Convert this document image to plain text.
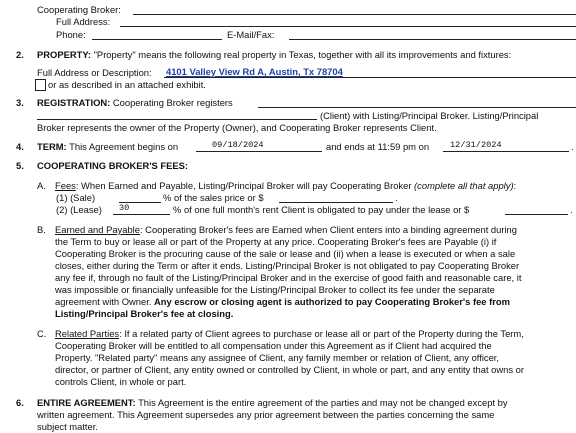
Cooperating Broker:
Full Address:
Phone:	E-Mail/Fax:
2. PROPERTY: "Property" means the following real property in Texas, together with all its improvements and fixtures:
Full Address or Description: 4101 Valley View Rd A, Austin, Tx 78704
or as described in an attached exhibit.
3. REGISTRATION: Cooperating Broker registers
(Client) with Listing/Principal Broker. Listing/Principal
Broker represents the owner of the Property (Owner), and Cooperating Broker represents Client.
4. TERM: This Agreement begins on	09/18/2024	and ends at 11:59 pm on 12/31/2024	.
5. COOPERATING BROKER'S FEES:
A. Fees: When Earned and Payable, Listing/Principal Broker will pay Cooperating Broker (complete all that apply):
(1) (Sale)	% of the sales price or $	.
(2) (Lease) 30	% of one full month's rent Client is obligated to pay under the lease or $	.
B. Earned and Payable: Cooperating Broker's fees are Earned when Client enters into a binding agreement during
the Term to buy or lease all or part of the Property at any price. Cooperating Broker's fees are Payable (i) if
Cooperating Broker is the procuring cause of the sale or lease and (ii) when a lease is executed or when a sale
closes, either during the Term or after it ends. Listing/Principal Broker is not obligated to pay Cooperating Broker
any fee if, through no fault of the Listing/Principal Broker and in the exercise of good faith and reasonable care, it
was impossible or financially unfeasible for the Listing/Principal Broker to collect its fee under the separate
agreement with Owner. Any escrow or closing agent is authorized to pay Cooperating Broker's fee from
Listing/Principal Broker's fee at closing.
C. Related Parties: If a related party of Client agrees to purchase or lease all or part of the Property during the Term,
Cooperating Broker will be entitled to all compensation under this Agreement as if Client had acquired the
Property. "Related party" means any assignee of Client, any family member or relation of Client, any officer,
director, or partner of Client, any entity owned or controlled by Client, in whole or part, and any entity that owns or
controls Client, in whole or part.
6. ENTIRE AGREEMENT: This Agreement is the entire agreement of the parties and may not be changed except by
written agreement. This Agreement supersedes any prior agreement between the parties concerning the same
subject matter.
